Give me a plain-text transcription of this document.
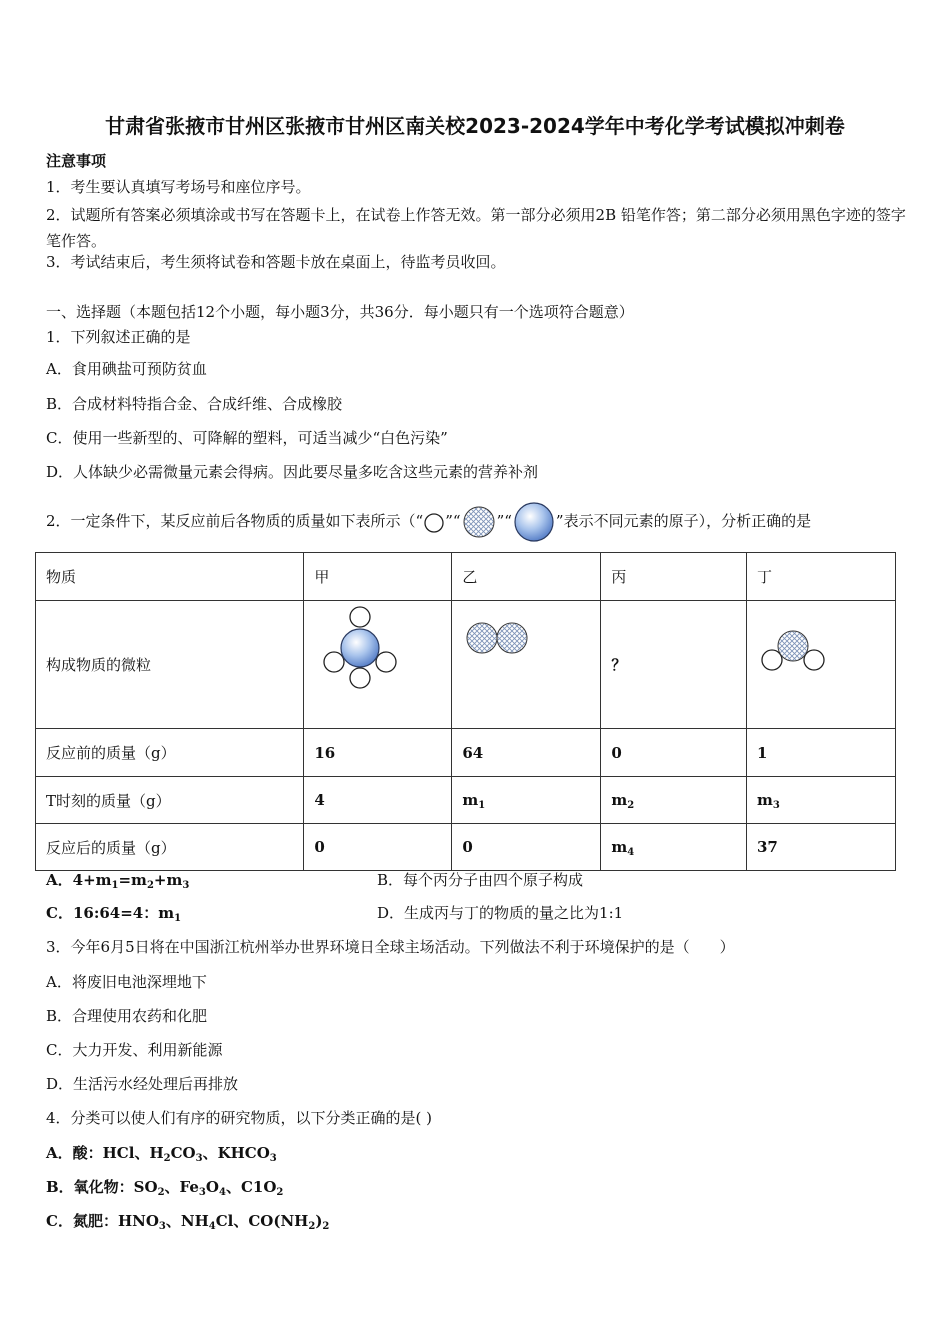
甘肃省张掖市甘州区张掖市甘州区南关校2023-2024学年中考化学考试模拟冲刺卷
注意事项
1．考生要认真填写考场号和座位序号。
2．试题所有答案必须填涂或书写在答题卡上，在试卷上作答无效。第一部分必须用2B 铅笔作答；第二部分必须用黑色字迹的签字笔作答。
3．考试结束后，考生须将试卷和答题卡放在桌面上，待监考员收回。
一、选择题（本题包括12个小题，每小题3分，共36分．每小题只有一个选项符合题意）
1．下列叙述正确的是
A．食用碘盐可预防贫血
B．合成材料特指合金、合成纤维、合成橡胶
C．使用一些新型的、可降解的塑料，可适当减少“白色污染”
D．人体缺少必需微量元素会得病。因此要尽量多吃含这些元素的营养补剂
2．一定条件下，某反应前后各物质的质量如下表所示（“ ”“ ”“	”表示不同元素的原子），分析正确的是
物质	甲	乙	丙	丁
构成物质的微粒			？	
反应前的质量（g）	16	64	0	1
T时刻的质量（g）	4	$m_1$	$m_2$	$m_3$
反应后的质量（g）	0	0	$m_4$	37
A．$4+m_1=m_2+m_3$	B．每个丙分子由四个原子构成
C．16:64=4：$m_1$	D．生成丙与丁的物质的量之比为1:1
3．今年6月5日将在中国浙江杭州举办世界环境日全球主场活动。下列做法不利于环境保护的是（　　）
A．将废旧电池深埋地下
B．合理使用农药和化肥
C．大力开发、利用新能源
D．生活污水经处理后再排放
4．分类可以使人们有序的研究物质，以下分类正确的是( )
A．酸：HCl、$H_2CO_3$、$KHCO_3$
B．氧化物：$SO_2$、$Fe_3O_4$、$C1O_2$
C．氮肥：$HNO_3$、$NH_4Cl$、$CO(NH_2)_2$
